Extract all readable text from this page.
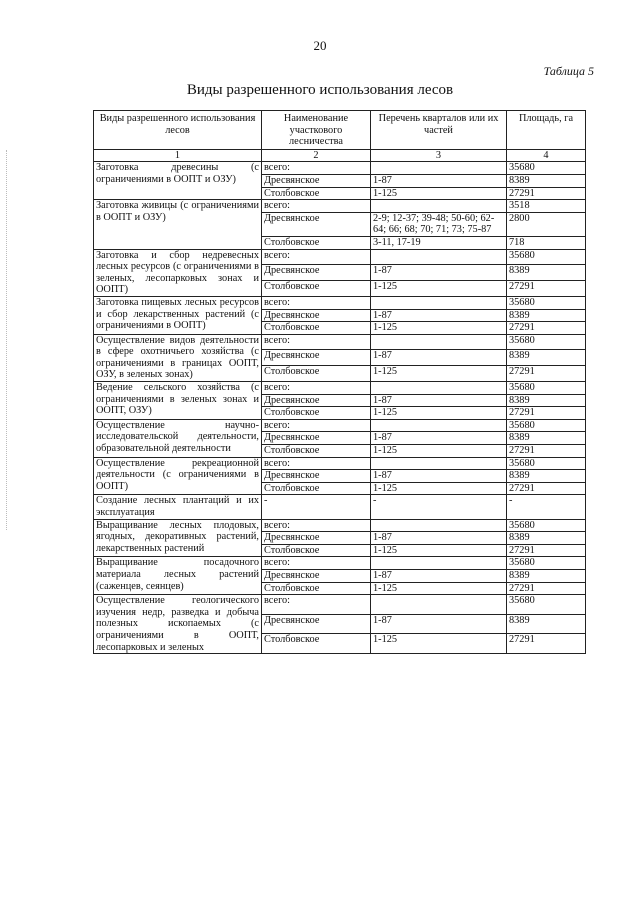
20
Таблица 5
Виды разрешенного использования лесов
Виды разрешенного использования лесов	Наименование участкового лесничества	Перечень кварталов или их частей	Площадь, га
1	2	3	4
Заготовка древесины (с ограничениями в ООПТ и ОЗУ)	всего:		35680
	Дресвянское	1-87	8389
	Столбовское	1-125	27291
Заготовка живицы (с ограничениями в ООПТ и ОЗУ)	всего:		3518
	Дресвянское	2-9; 12-37; 39-48; 50-60; 62-64; 66; 68; 70; 71; 73; 75-87	2800
	Столбовское	3-11, 17-19	718
Заготовка и сбор недревесных лесных ресурсов (с ограничениями в зеленых, лесопарковых зонах и ООПТ)	всего:		35680
	Дресвянское	1-87	8389
	Столбовское	1-125	27291
Заготовка пищевых лесных ресурсов и сбор лекарственных растений (с ограничениями в ООПТ)	всего:		35680
	Дресвянское	1-87	8389
	Столбовское	1-125	27291
Осуществление видов деятельности в сфере охотничьего хозяйства (с ограничениями в границах ООПТ, ОЗУ, в зеленых зонах)	всего:		35680
	Дресвянское	1-87	8389
	Столбовское	1-125	27291
Ведение сельского хозяйства (с ограничениями в зеленых зонах и ООПТ, ОЗУ)	всего:		35680
	Дресвянское	1-87	8389
	Столбовское	1-125	27291
Осуществление научно-исследовательской деятельности, образовательной деятельности	всего:		35680
	Дресвянское	1-87	8389
	Столбовское	1-125	27291
Осуществление рекреационной деятельности (с ограничениями в ООПТ)	всего:		35680
	Дресвянское	1-87	8389
	Столбовское	1-125	27291
Создание лесных плантаций и их эксплуатация	-	-	-
Выращивание лесных плодовых, ягодных, декоративных растений, лекарственных растений	всего:		35680
	Дресвянское	1-87	8389
	Столбовское	1-125	27291
Выращивание посадочного материала лесных растений (саженцев, сеянцев)	всего:		35680
	Дресвянское	1-87	8389
	Столбовское	1-125	27291
Осуществление геологического изучения недр, разведка и добыча полезных ископаемых (с ограничениями в ООПТ, лесопарковых и зеленых	всего:		35680
	Дресвянское	1-87	8389
	Столбовское	1-125	27291
